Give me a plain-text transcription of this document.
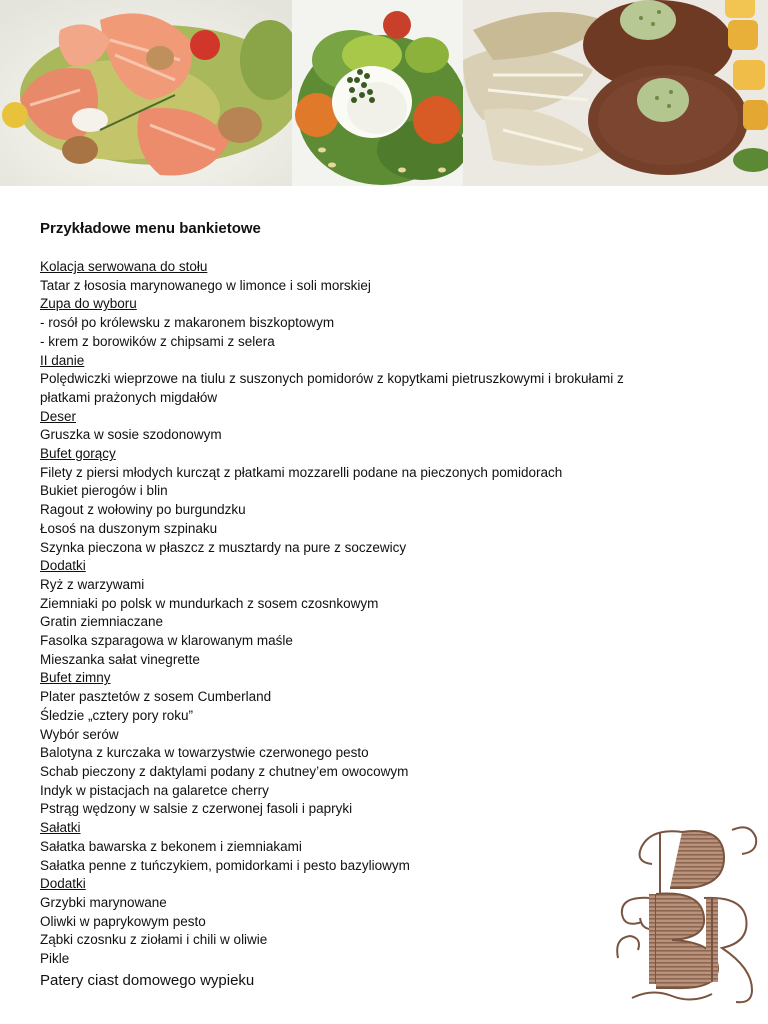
Przykładowe menu bankietowe
Kolacja serwowana do stołu
Tatar z łososia marynowanego w limonce i soli morskiej
Zupa do wyboru
- rosół po królewsku z makaronem biszkoptowym
- krem z borowików z chipsami z selera
II danie
Polędwiczki wieprzowe na tiulu z suszonych pomidorów z kopytkami pietruszkowymi i brokułami z płatkami prażonych migdałów
Deser
Gruszka w sosie szodonowym
Bufet gorący
Filety z piersi młodych kurcząt z płatkami mozzarelli podane na pieczonych pomidorach
Bukiet pierogów i blin
Ragout z wołowiny po burgundzku
Łosoś na duszonym szpinaku
Szynka pieczona w płaszcz z musztardy na pure z soczewicy
Dodatki
Ryż z warzywami
Ziemniaki po polsk w mundurkach z sosem czosnkowym
Gratin ziemniaczane
Fasolka szparagowa w klarowanym maśle
Mieszanka sałat vinegrette
Bufet zimny
Plater pasztetów z sosem Cumberland
Śledzie „cztery pory roku”
Wybór serów
Balotyna z kurczaka w towarzystwie czerwonego pesto
Schab pieczony z daktylami podany z chutney’em owocowym
Indyk w pistacjach na galaretce cherry
Pstrąg wędzony w salsie z czerwonej fasoli i papryki
Sałatki
Sałatka bawarska z bekonem i ziemniakami
Sałatka penne z tuńczykiem, pomidorkami i pesto bazyliowym
Dodatki
Grzybki marynowane
Oliwki w paprykowym pesto
Ząbki czosnku z ziołami i chili w oliwie
Pikle
Patery ciast domowego wypieku
